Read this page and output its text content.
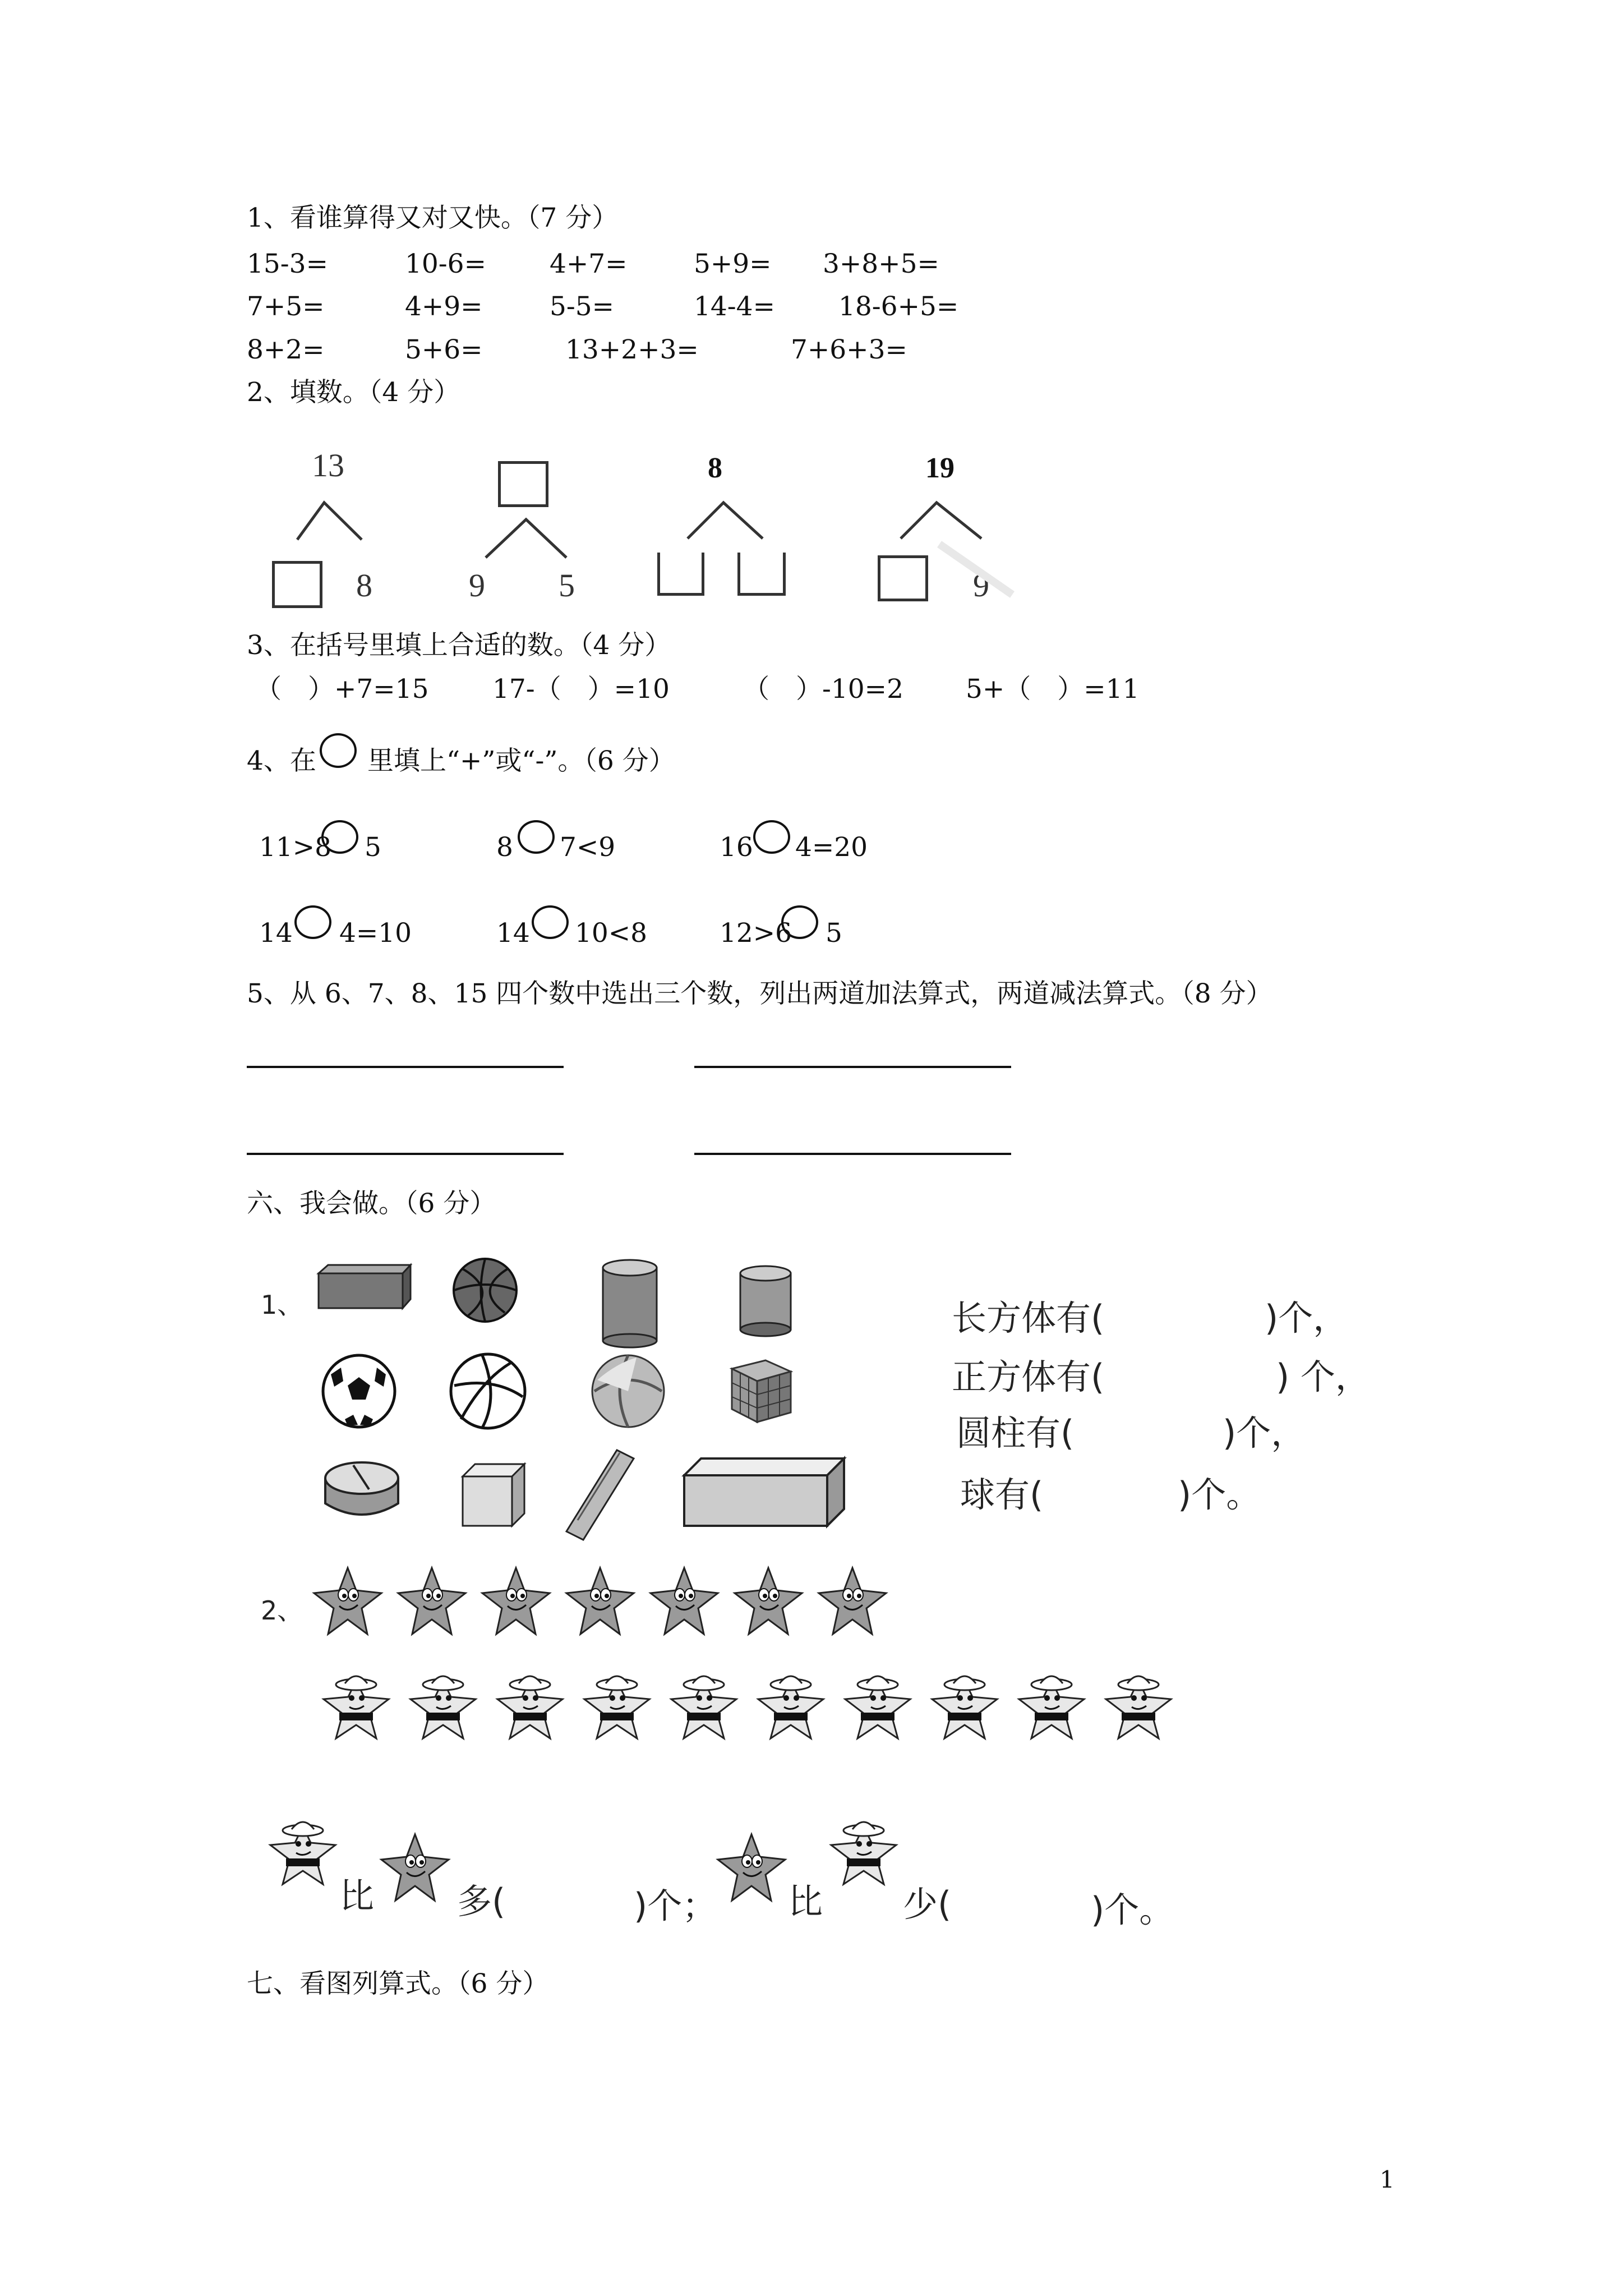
1、看谁算得又对又快。（7 分）
15-3=	10-6= 4+7=	5+9= 3+8+5=
7+5=	4+9=	5-5=	14-4= 18-6+5=
8+2=	5+6=	13+2+3=	7+6+3=
2、填数。（4 分）
13
8	9 5
8	19
9
3、在括号里填上合适的数。（4 分）
（　）+7=15 17-（　）=10	（　）-10=2 5+（　）=11
4、在 里填上“+”或“-”。（6 分）
11>8 5	8 7<9	16 4=20
14 4=10	14 10<8	12>6 5
5、从 6、7、8、15 四个数中选出三个数，列出两道加法算式，两道减法算式。（8 分）
六、我会做。（6 分）
1、	长方体有(	)个，
正方体有(	) 个，
圆柱有(	)个，
球有(	)个。
2、
比 多(	)个； 比 少(	)个。
七、看图列算式。（6 分）
1
